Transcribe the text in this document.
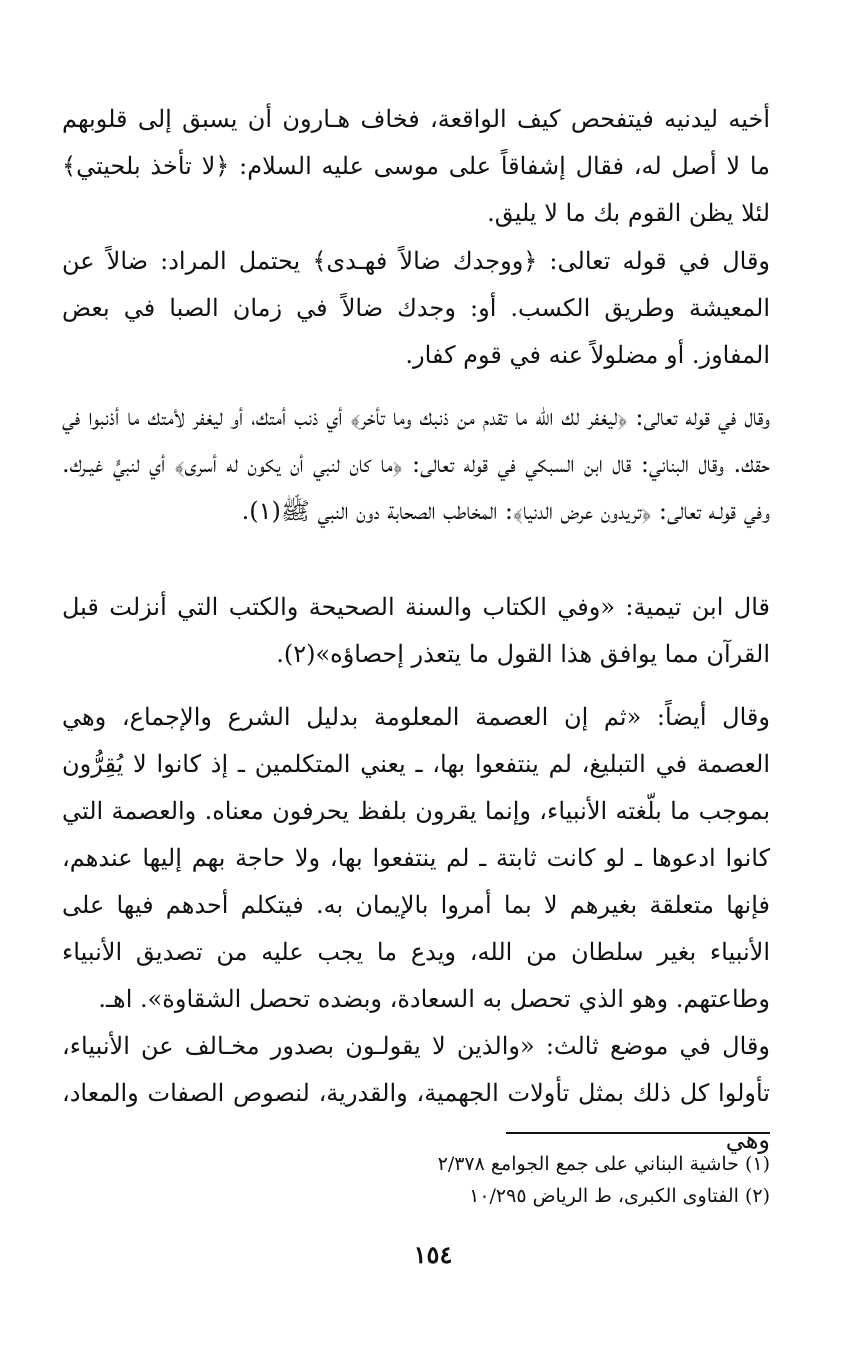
أخيه ليدنيه فيتفحص كيف الواقعة، فخاف هـارون أن يسبق إلى قلوبهم ما لا أصل له، فقال إشفاقاً على موسى عليه السلام: ﴿لا تأخذ بلحيتي﴾ لئلا يظن القوم بك ما لا يليق.

وقال في قوله تعالى: ﴿ووجدك ضالاً فهـدى﴾ يحتمل المراد: ضالاً عن المعيشة وطريق الكسب. أو: وجدك ضالاً في زمان الصبا في بعض المفاوز. أو مضلولاً عنه في قوم كفار.

وقال في قوله تعالى: ﴿ليغفر لك الله ما تقدم من ذنبك وما تأخر﴾ أي ذنب أمتك، أو ليغفر لأمتك ما أذنبوا في حقك. وقال البناني: قال ابن السبكي في قوله تعالى: ﴿ما كان لنبي أن يكون له أسرى﴾ أي لنبيٍّ غيـرك. وفي قولـه تعالى: ﴿تريدون عرض الدنيا﴾: المخاطب الصحابة دون النبي ﷺ(١).

قال ابن تيمية: «وفي الكتاب والسنة الصحيحة والكتب التي أنزلت قبل القرآن مما يوافق هذا القول ما يتعذر إحصاؤه»(٢).

وقال أيضاً: «ثم إن العصمة المعلومة بدليل الشرع والإجماع، وهي العصمة في التبليغ، لم ينتفعوا بها، ـ يعني المتكلمين ـ إذ كانوا لا يُقِرُّون بموجب ما بلّغته الأنبياء، وإنما يقرون بلفظ يحرفون معناه. والعصمة التي كانوا ادعوها ـ لو كانت ثابتة ـ لم ينتفعوا بها، ولا حاجة بهم إليها عندهم، فإنها متعلقة بغيرهم لا بما أمروا بالإيمان به. فيتكلم أحدهم فيها على الأنبياء بغير سلطان من الله، ويدع ما يجب عليه من تصديق الأنبياء وطاعتهم. وهو الذي تحصل به السعادة، وبضده تحصل الشقاوة». اهـ.

وقال في موضع ثالث: «والذين لا يقولـون بصدور مخـالف عن الأنبياء، تأولوا كل ذلك بمثل تأولات الجهمية، والقدرية، لنصوص الصفات والمعاد، وهي

(١) حاشية البناني على جمع الجوامع ٢/٣٧٨

(٢) الفتاوى الكبرى، ط الرياض ١٠/٢٩٥

١٥٤
